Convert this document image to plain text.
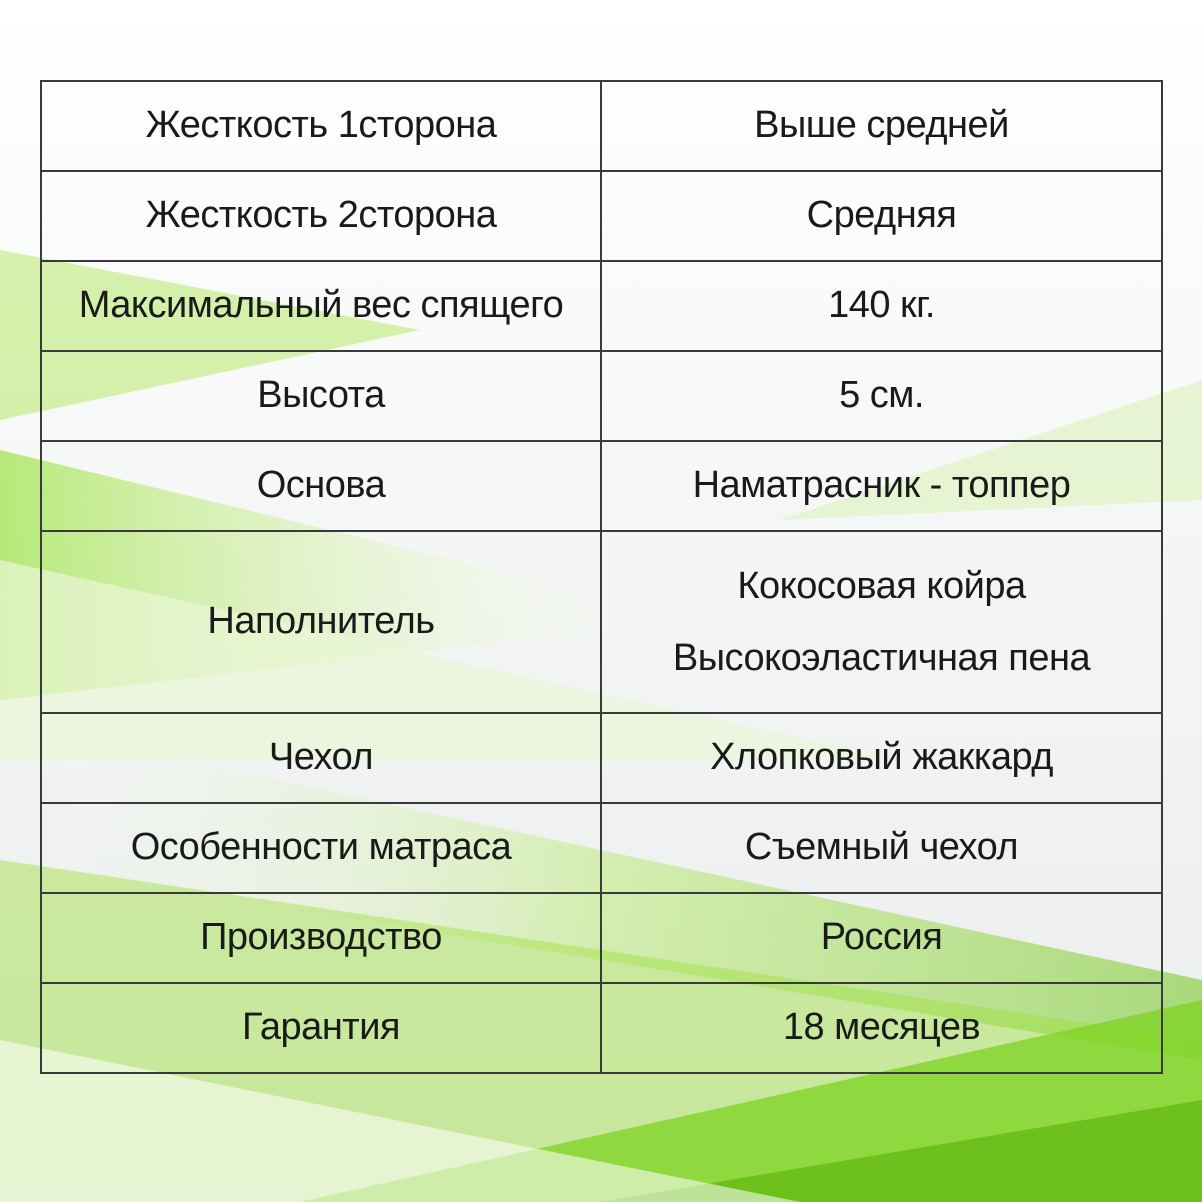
Жесткость 1сторона	Выше средней
Жесткость 2сторона	Средняя
Максимальный вес спящего	140 кг.
Высота	5 см.
Основа	Наматрасник - топпер
Наполнитель	Кокосовая койра
Высокоэластичная пена

Чехол	Хлопковый жаккард
Особенности матраса	Съемный чехол
Производство	Россия
Гарантия	18 месяцев
